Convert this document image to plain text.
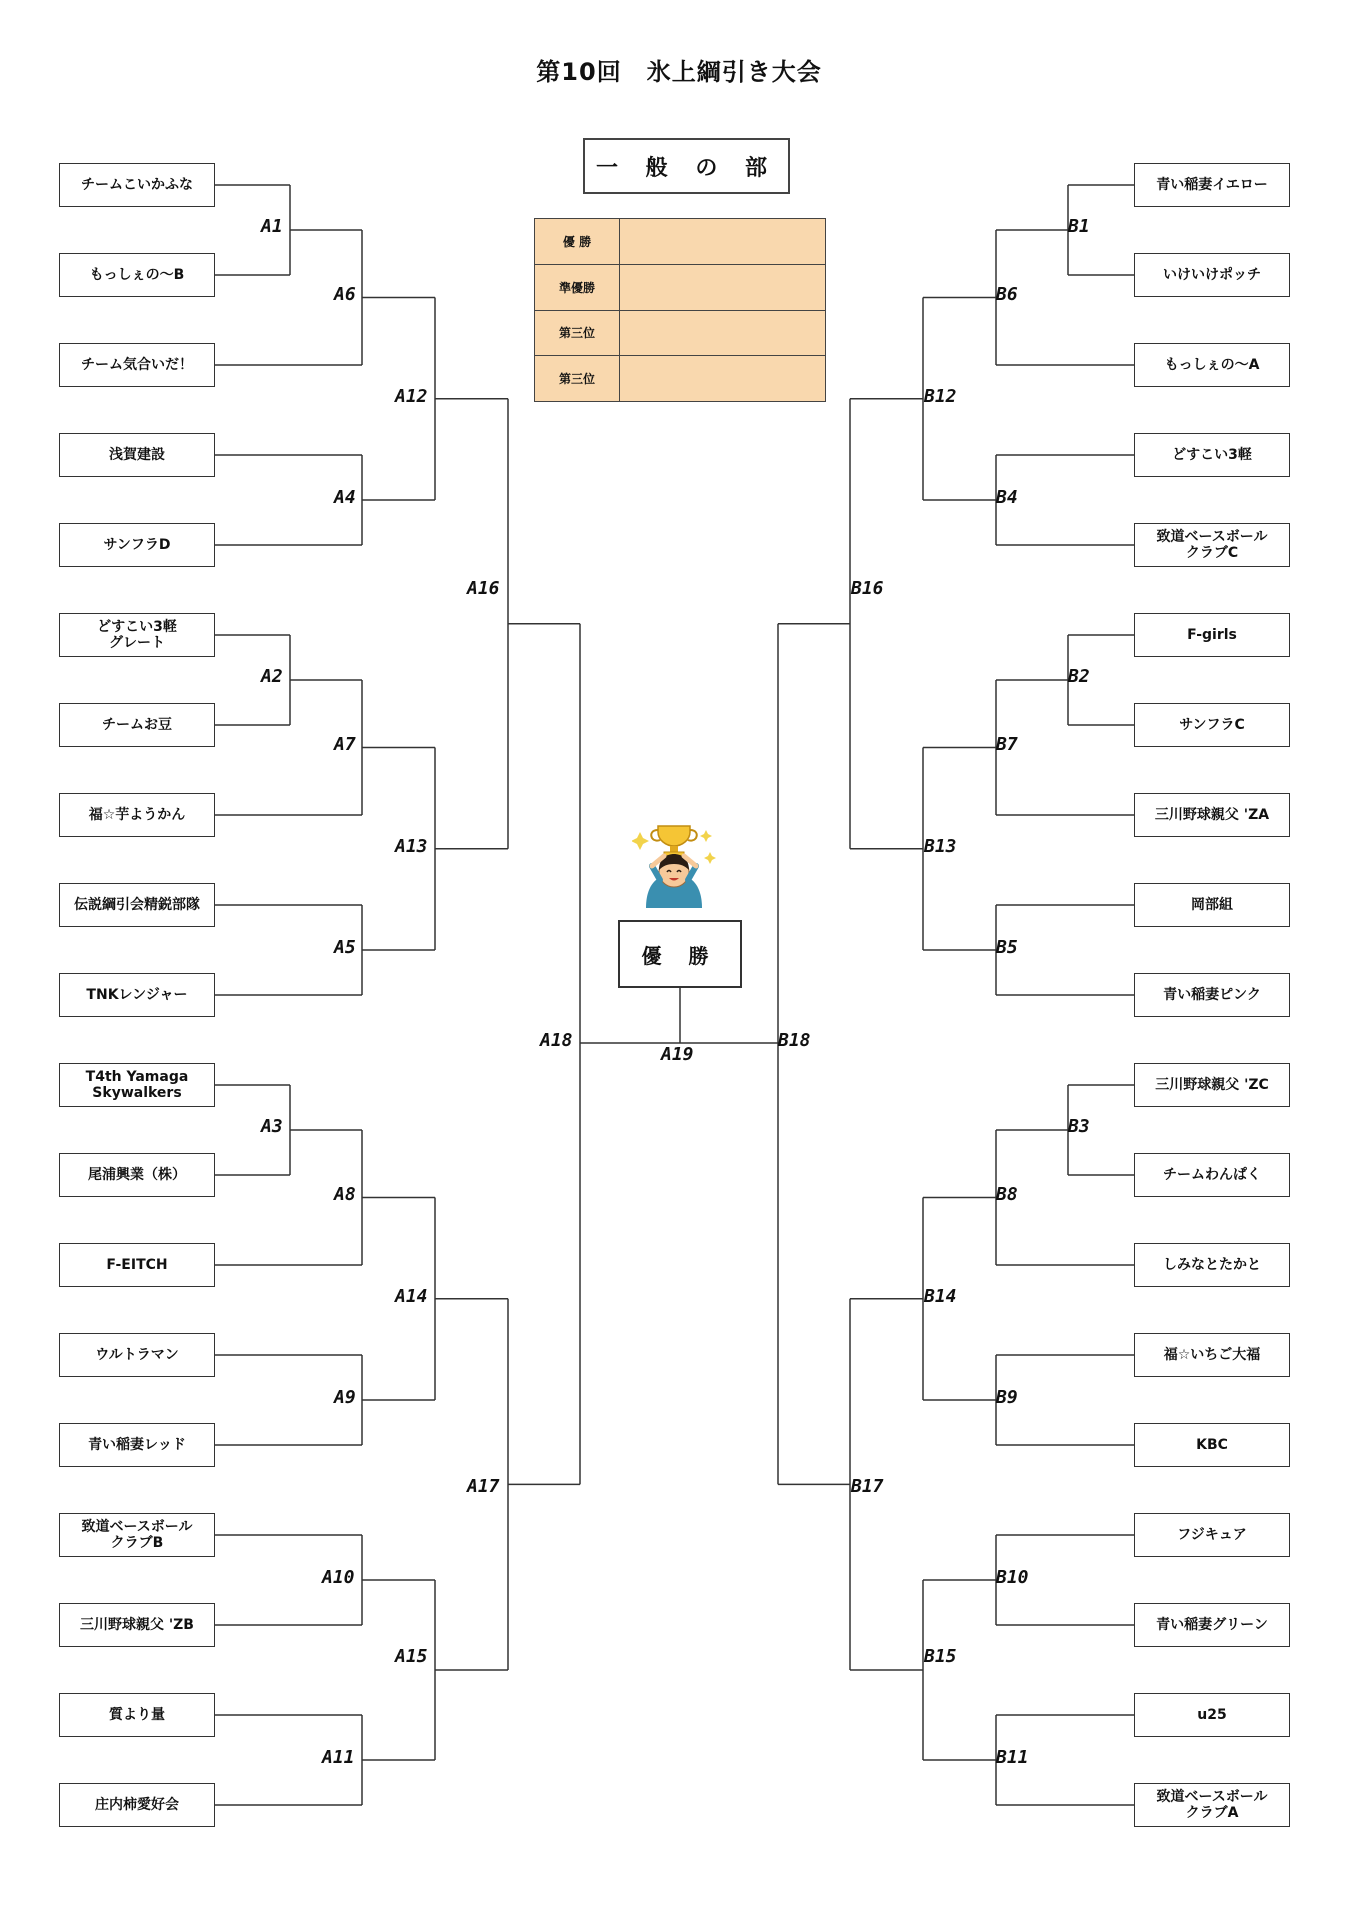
第10回　氷上綱引き大会
一 般 の 部
優 勝	
準優勝	
第三位	
第三位	
チームこいかふな
もっしぇの～B
チーム気合いだ！
浅賀建設
サンフラD
どすこい3軽
グレート
チームお豆
福☆芋ようかん
伝説綱引会精鋭部隊
TNKレンジャー
T4th Yamaga
Skywalkers
尾浦興業（株）
F-EITCH
ウルトラマン
青い稲妻レッド
致道ベースボール
クラブB
三川野球親父 'ZB
質より量
庄内柿愛好会
青い稲妻イエロー
いけいけポッチ
もっしぇの～A
どすこい3軽
致道ベースボール
クラブC
F-girls
サンフラC
三川野球親父 'ZA
岡部組
青い稲妻ピンク
三川野球親父 'ZC
チームわんぱく
しみなとたかと
福☆いちご大福
KBC
フジキュア
青い稲妻グリーン
u25
致道ベースボール
クラブA
A1
A2
A3
A4
A5
A6
A7
A8
A9
A10
A11
A12
A13
A14
A15
A16
A17
A18
B1
B2
B3
B4
B5
B6
B7
B8
B9
B10
B11
B12
B13
B14
B15
B16
B17
B18
A19
優 勝
